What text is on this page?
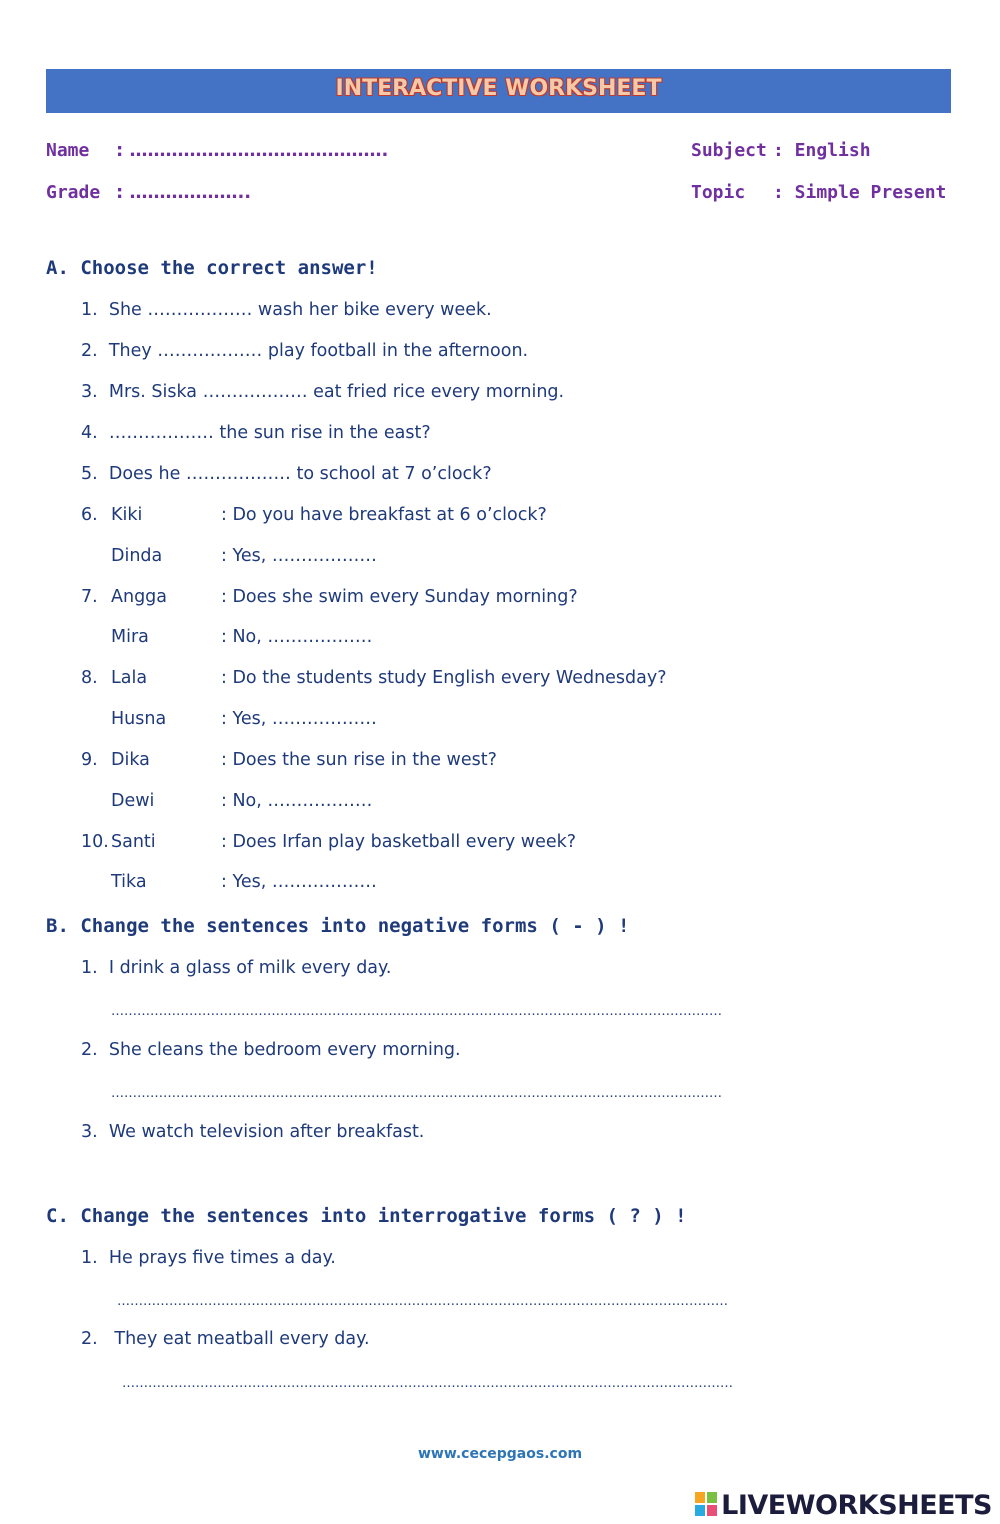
INTERACTIVE WORKSHEET
Name : …………………………………….
Grade : ………………..
Subject : English
Topic : Simple Present
A. Choose the correct answer!
1. She ……………… wash her bike every week.
2. They ……………… play football in the afternoon.
3. Mrs. Siska ……………… eat fried rice every morning.
4. ……………… the sun rise in the east?
5. Does he ……………… to school at 7 o’clock?
6. Kiki	: Do you have breakfast at 6 o’clock?
Dinda	: Yes, ………………
7. Angga	: Does she swim every Sunday morning?
Mira	: No, ………………
8. Lala	: Do the students study English every Wednesday?
Husna	: Yes, ………………
9. Dika	: Does the sun rise in the west?
Dewi	: No, ………………
10. Santi	: Does Irfan play basketball every week?
Tika	: Yes, ………………
B. Change the sentences into negative forms ( - ) !
1. I drink a glass of milk every day.
……………………………………………………………………………………………………………………………
2. She cleans the bedroom every morning.
……………………………………………………………………………………………………………………………
3. We watch television after breakfast.
C. Change the sentences into interrogative forms ( ? ) !
1. He prays five times a day.
……………………………………………………………………………………………………………………………
2. They eat meatball every day.
……………………………………………………………………………………………………………………………
www.cecepgaos.com
LIVEWORKSHEETS
